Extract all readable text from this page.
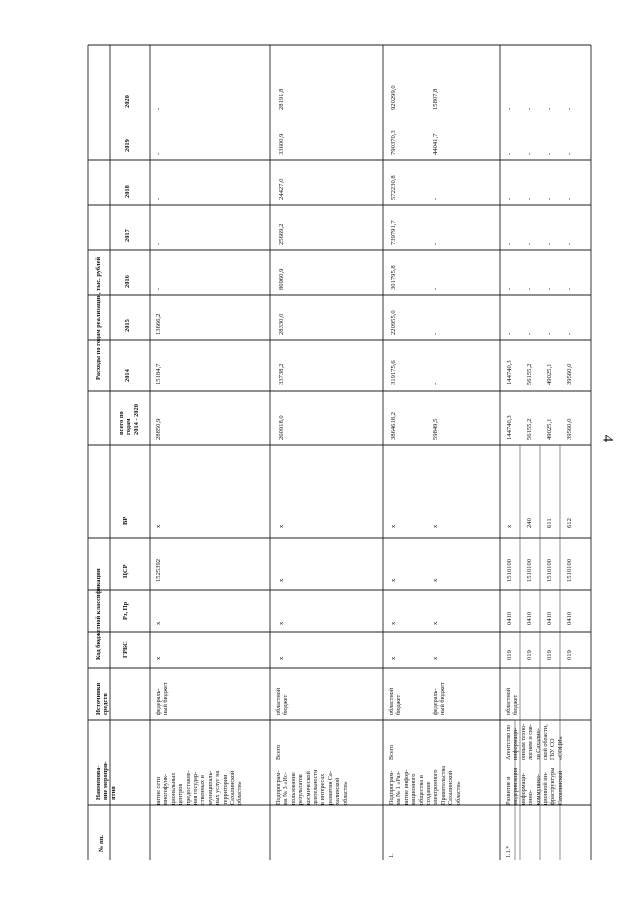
4
№ пп.
Наименова- ние меропри- ятия
Источники средств
Код бюджетной классификации	ГРБС
Рз, Пр
ЦСР
ВР
Расходы по годам реализации, тыс. рублей
всего по годам 2014 - 2020
2014
2015
2016
2017
2018
2019
2020
витие сети многофунк- циональных центров предоставле- ния государ- ственных и муниципаль- ных услуг на территории Сахалинской области»
федераль- ный бюджет
x
x
1525392
x
28850,9
15184,7
13666,2
-
-
-
-
-
Подпрограм- ма № 3 «Ис- пользование результатов космической деятельности в интересах развития Са- халинской области»
Всего
областной бюджет
x
x
x
x
260918,0
33738,2
28330,0
86960,9
25669,2
24427,0
33600,9
28191,8
1.
Подпрограм- ма № 1 «Раз- витие инфор- мационного общества и создание электронного Правительства Сахалинской области»
Всего
областной бюджет
x
x
x
x
3864618,2
319175,6
220955,0
301795,8
739791,7
572230,8
790370,3
920299,0
федераль- ный бюджет
x
x
x
x
59849,5
-
-
-
-
-
44041,7
15807,8
1.1.*
Развитие и модернизация информаци- онно- коммуника- ционной ин- фраструктуры Сахалинской
Агентство по информаци- онным техно- логиям и свя- зи Сахалин- ской области, ГБУ СО «СОЦИ»
областной бюджет
019
0410
1510100
x
144740,3
144740,3
-
-
-
-
-
-
019
0410
1510100
240
56155,2
56155,2
-
-
-
-
-
-
019
0410
1510100
611
49025,1
49025,1
-
-
-
-
-
-
019
0410
1510100
612
39560,0
39560,0
-
-
-
-
-
-
